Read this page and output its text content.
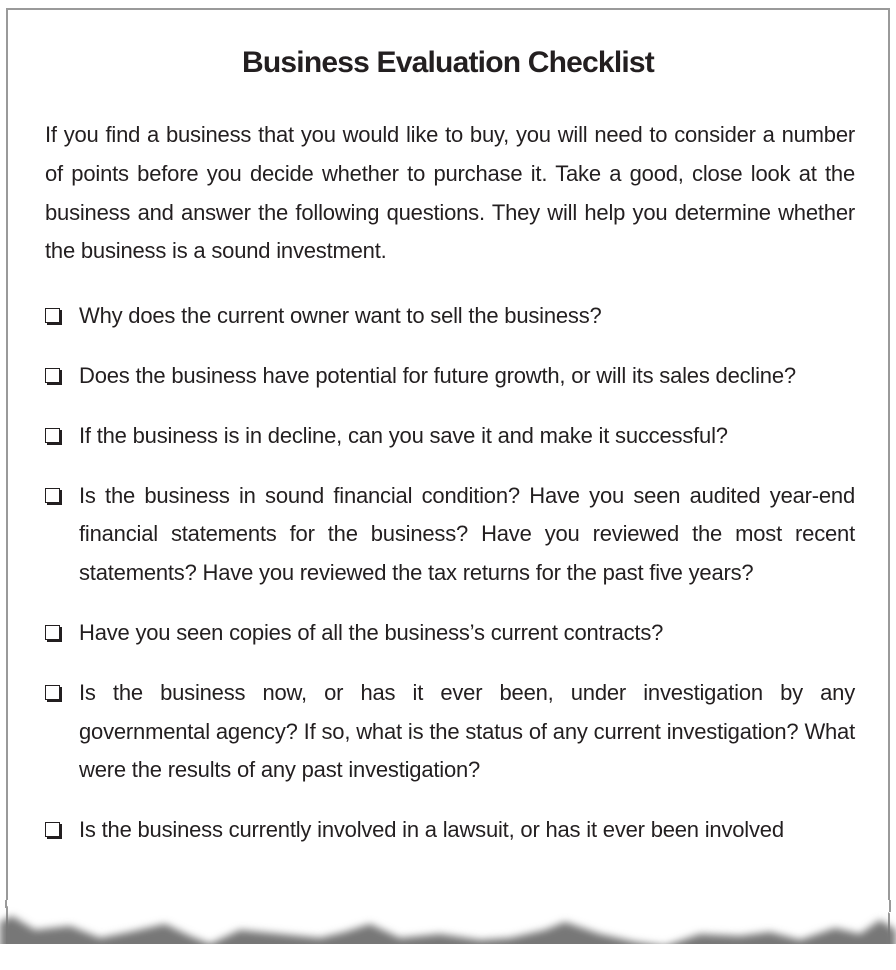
Business Evaluation Checklist

If you find a business that you would like to buy, you will need to consider a number of points before you decide whether to purchase it. Take a good, close look at the business and answer the following questions. They will help you determine whether the business is a sound investment.

Why does the current owner want to sell the business?
Does the business have potential for future growth, or will its sales decline?
If the business is in decline, can you save it and make it successful?
Is the business in sound financial condition? Have you seen audited year-end financial statements for the business? Have you reviewed the most recent statements? Have you reviewed the tax returns for the past five years?
Have you seen copies of all the business’s current contracts?
Is the business now, or has it ever been, under investigation by any governmental agency? If so, what is the status of any current investigation? What were the results of any past investigation?
Is the business currently involved in a lawsuit, or has it ever been involved
